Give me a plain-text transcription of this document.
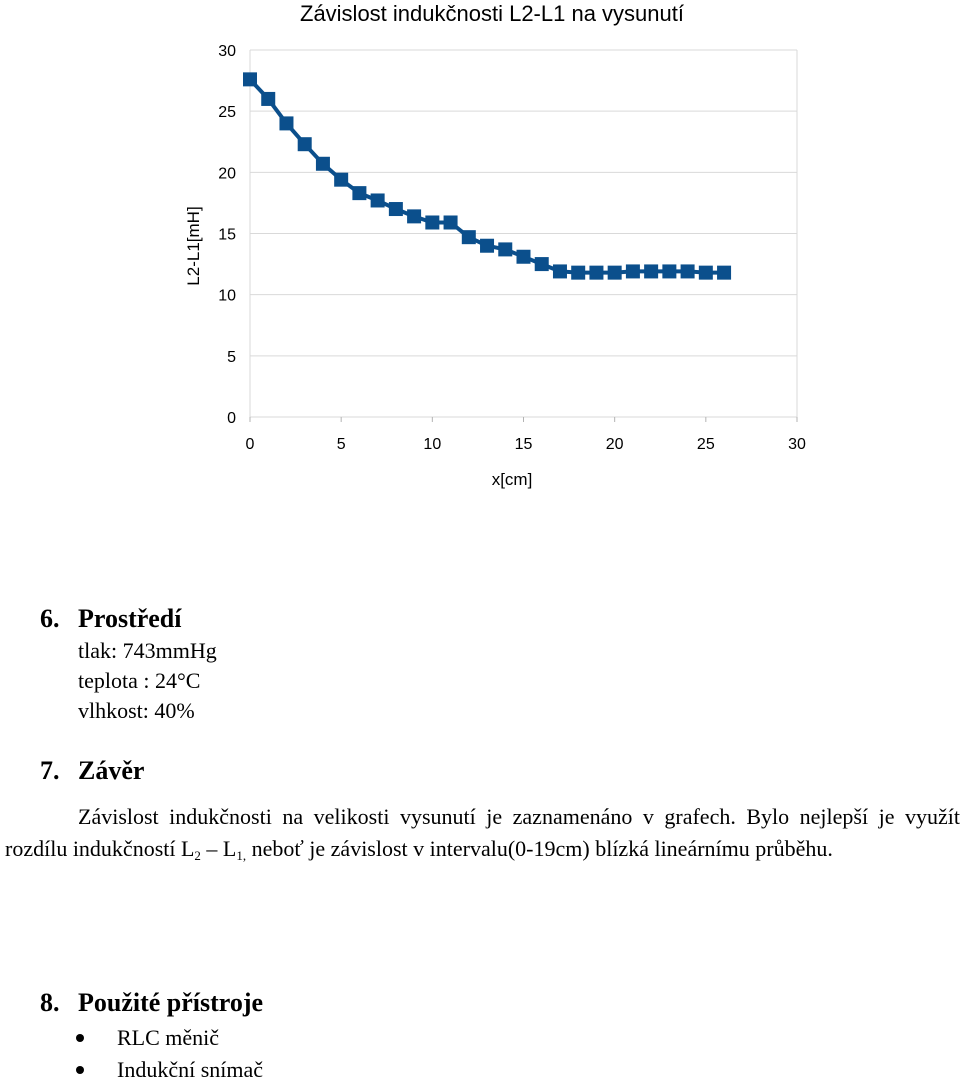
Závislost indukčnosti L2-L1 na vysunutí
0
5
10
15
20
25
30
0	5	10	15	20	25	30
L2-L1[mH]
x[cm]
6. Prostředí
tlak: 743mmHg
teplota : 24°C
vlhkost: 40%
7. Závěr

Závislost indukčnosti na velikosti vysunutí je zaznamenáno v grafech. Bylo nejlepší je využít rozdílu indukčností $L_2 - L_{1,}$ neboť je závislost v intervalu(0-19cm) blízká lineárnímu průběhu.

8. Použité přístroje
RLC měnič
Indukční snímač
